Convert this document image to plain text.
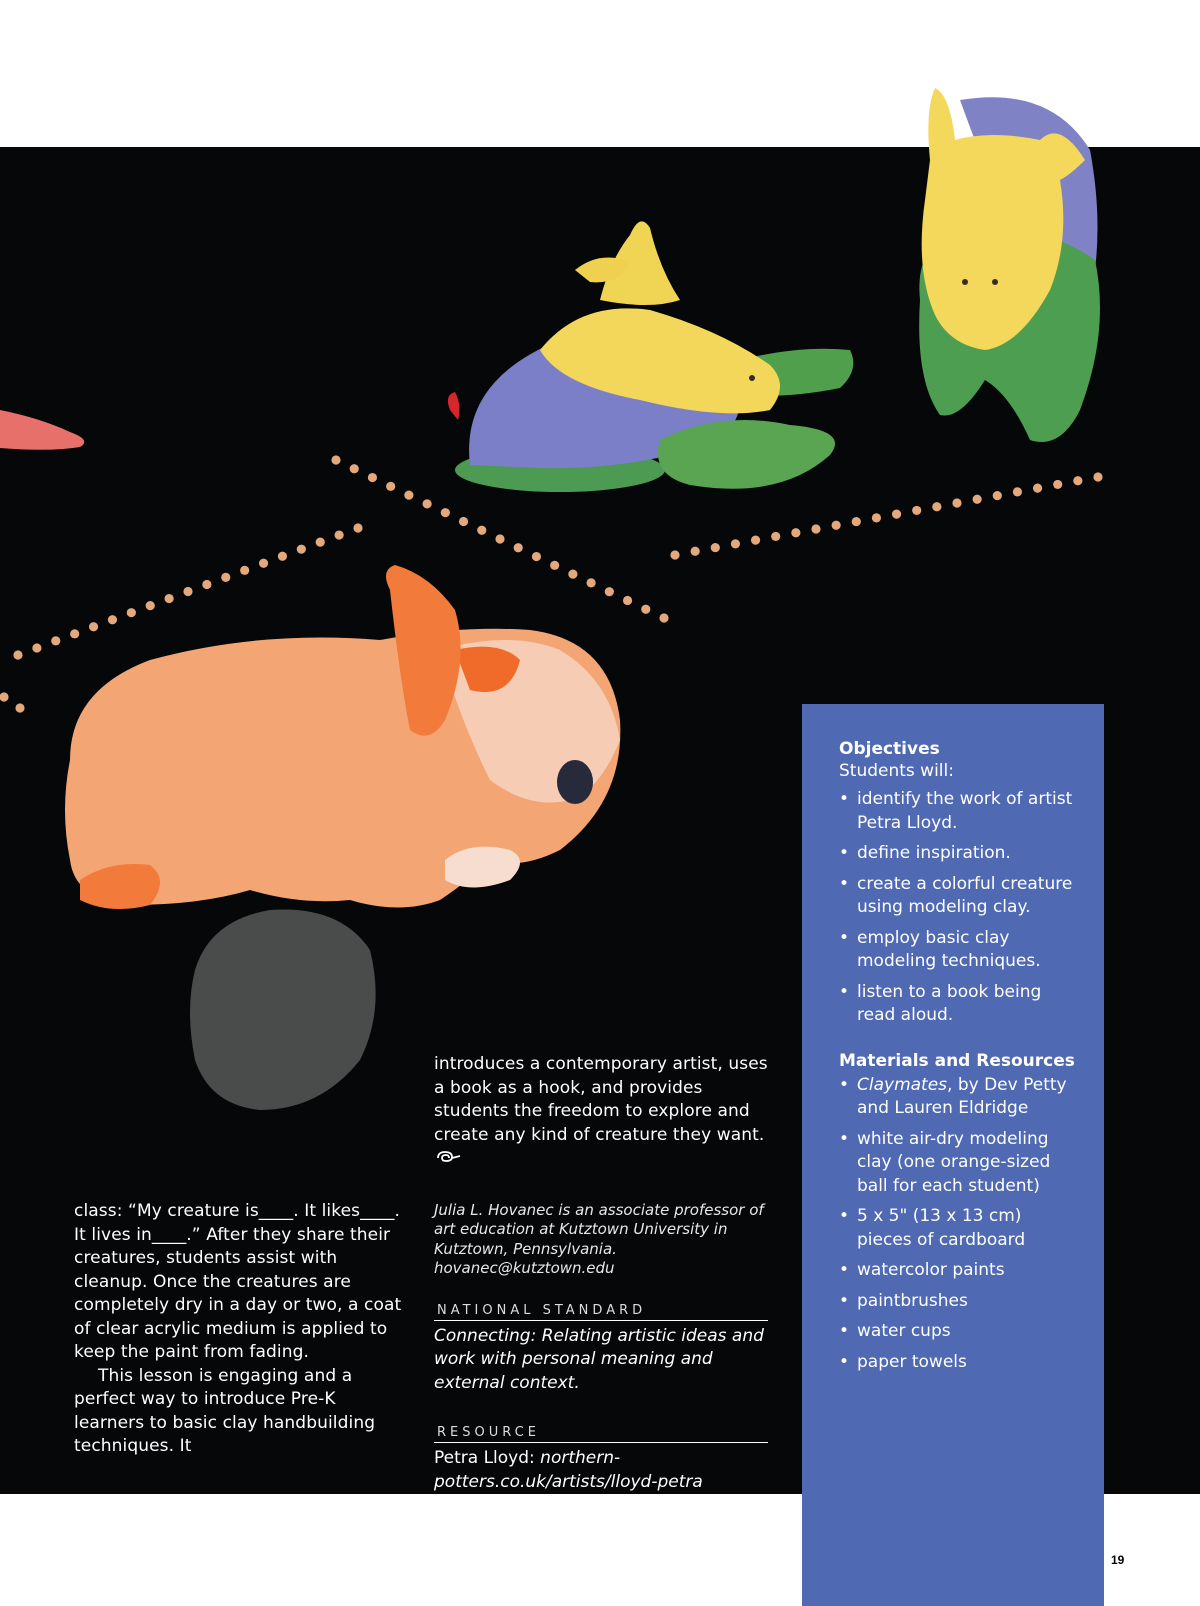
class: “My creature is____. It likes____. It lives in____.” After they share their creatures, students assist with cleanup. Once the creatures are completely dry in a day or two, a coat of clear acrylic medium is applied to keep the paint from fading.

This lesson is engaging and a perfect way to introduce Pre-K learners to basic clay handbuilding techniques. It

introduces a contemporary artist, uses a book as a hook, and provides students the freedom to explore and create any kind of creature they want.

Julia L. Hovanec is an associate professor of art education at Kutztown University in Kutztown, Pennsylvania. hovanec@kutztown.edu

NATIONAL STANDARD

Connecting: Relating artistic ideas and work with personal meaning and external context.

RESOURCE

Petra Lloyd: northern-potters.co.uk/artists/lloyd-petra

Objectives

Students will:

• identify the work of artist Petra Lloyd.
• define inspiration.
• create a colorful creature using modeling clay.
• employ basic clay modeling techniques.
• listen to a book being read aloud.

Materials and Resources

• Claymates, by Dev Petty and Lauren Eldridge
• white air-dry modeling clay (one orange-sized ball for each student)
• 5 x 5" (13 x 13 cm) pieces of cardboard
• watercolor paints
• paintbrushes
• water cups
• paper towels
19
